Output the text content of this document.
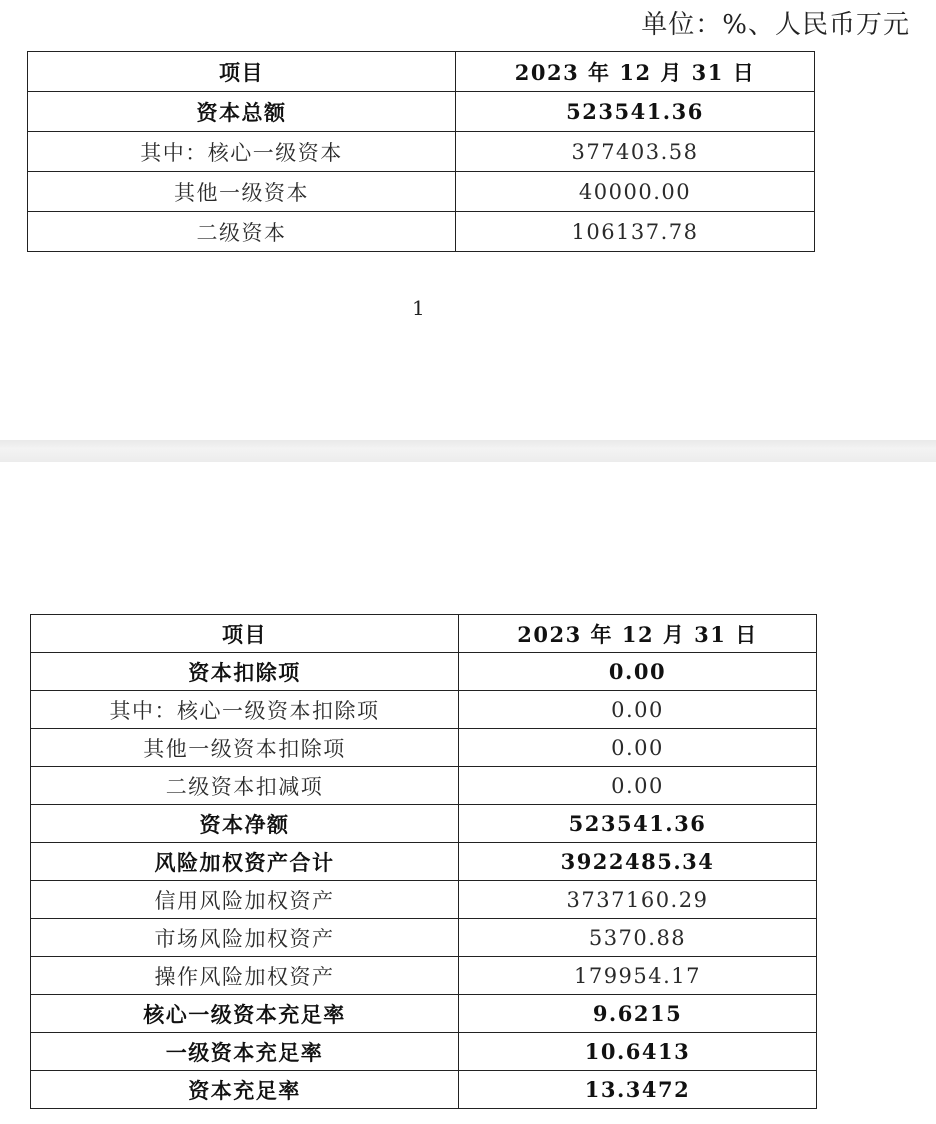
单位：%、人民币万元
项目	2023 年 12 月 31 日
资本总额	523541.36
其中：核心一级资本	377403.58
其他一级资本	40000.00
二级资本	106137.78
1
项目	2023 年 12 月 31 日
资本扣除项	0.00
其中：核心一级资本扣除项	0.00
其他一级资本扣除项	0.00
二级资本扣减项	0.00
资本净额	523541.36
风险加权资产合计	3922485.34
信用风险加权资产	3737160.29
市场风险加权资产	5370.88
操作风险加权资产	179954.17
核心一级资本充足率	9.6215
一级资本充足率	10.6413
资本充足率	13.3472
